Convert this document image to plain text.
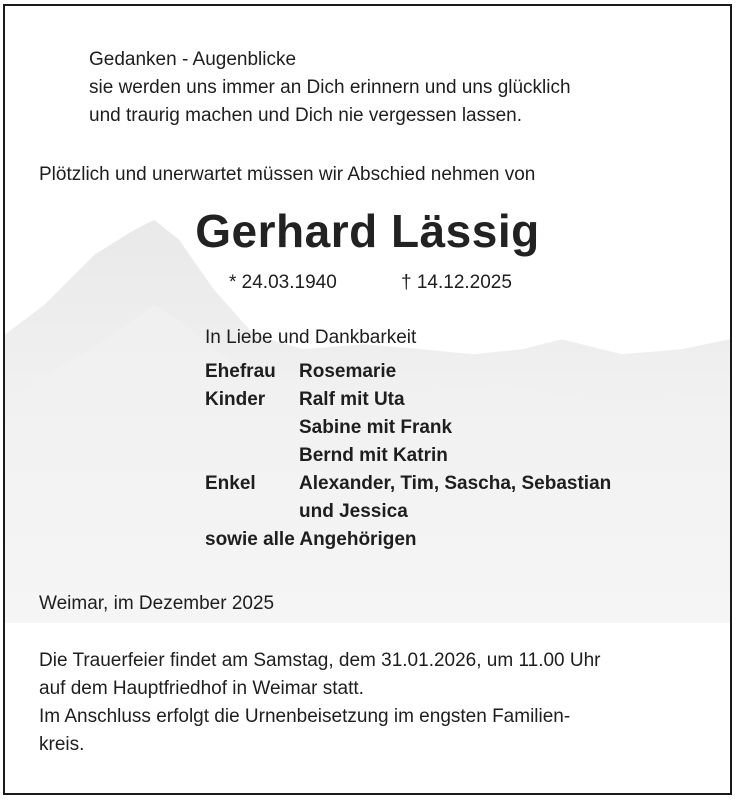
Gedanken - Augenblicke
sie werden uns immer an Dich erinnern und uns glücklich
und traurig machen und Dich nie vergessen lassen.
Plötzlich und unerwartet müssen wir Abschied nehmen von
Gerhard Lässig
* 24.03.1940	† 14.12.2025
In Liebe und Dankbarkeit
Ehefrau	Rosemarie
Kinder	Ralf mit Uta
Sabine mit Frank
Bernd mit Katrin
Enkel	Alexander, Tim, Sascha, Sebastian
und Jessica
sowie alle Angehörigen
Weimar, im Dezember 2025
Die Trauerfeier findet am Samstag, dem 31.01.2026, um 11.00 Uhr
auf dem Hauptfriedhof in Weimar statt.
Im Anschluss erfolgt die Urnenbeisetzung im engsten Familien-
kreis.
